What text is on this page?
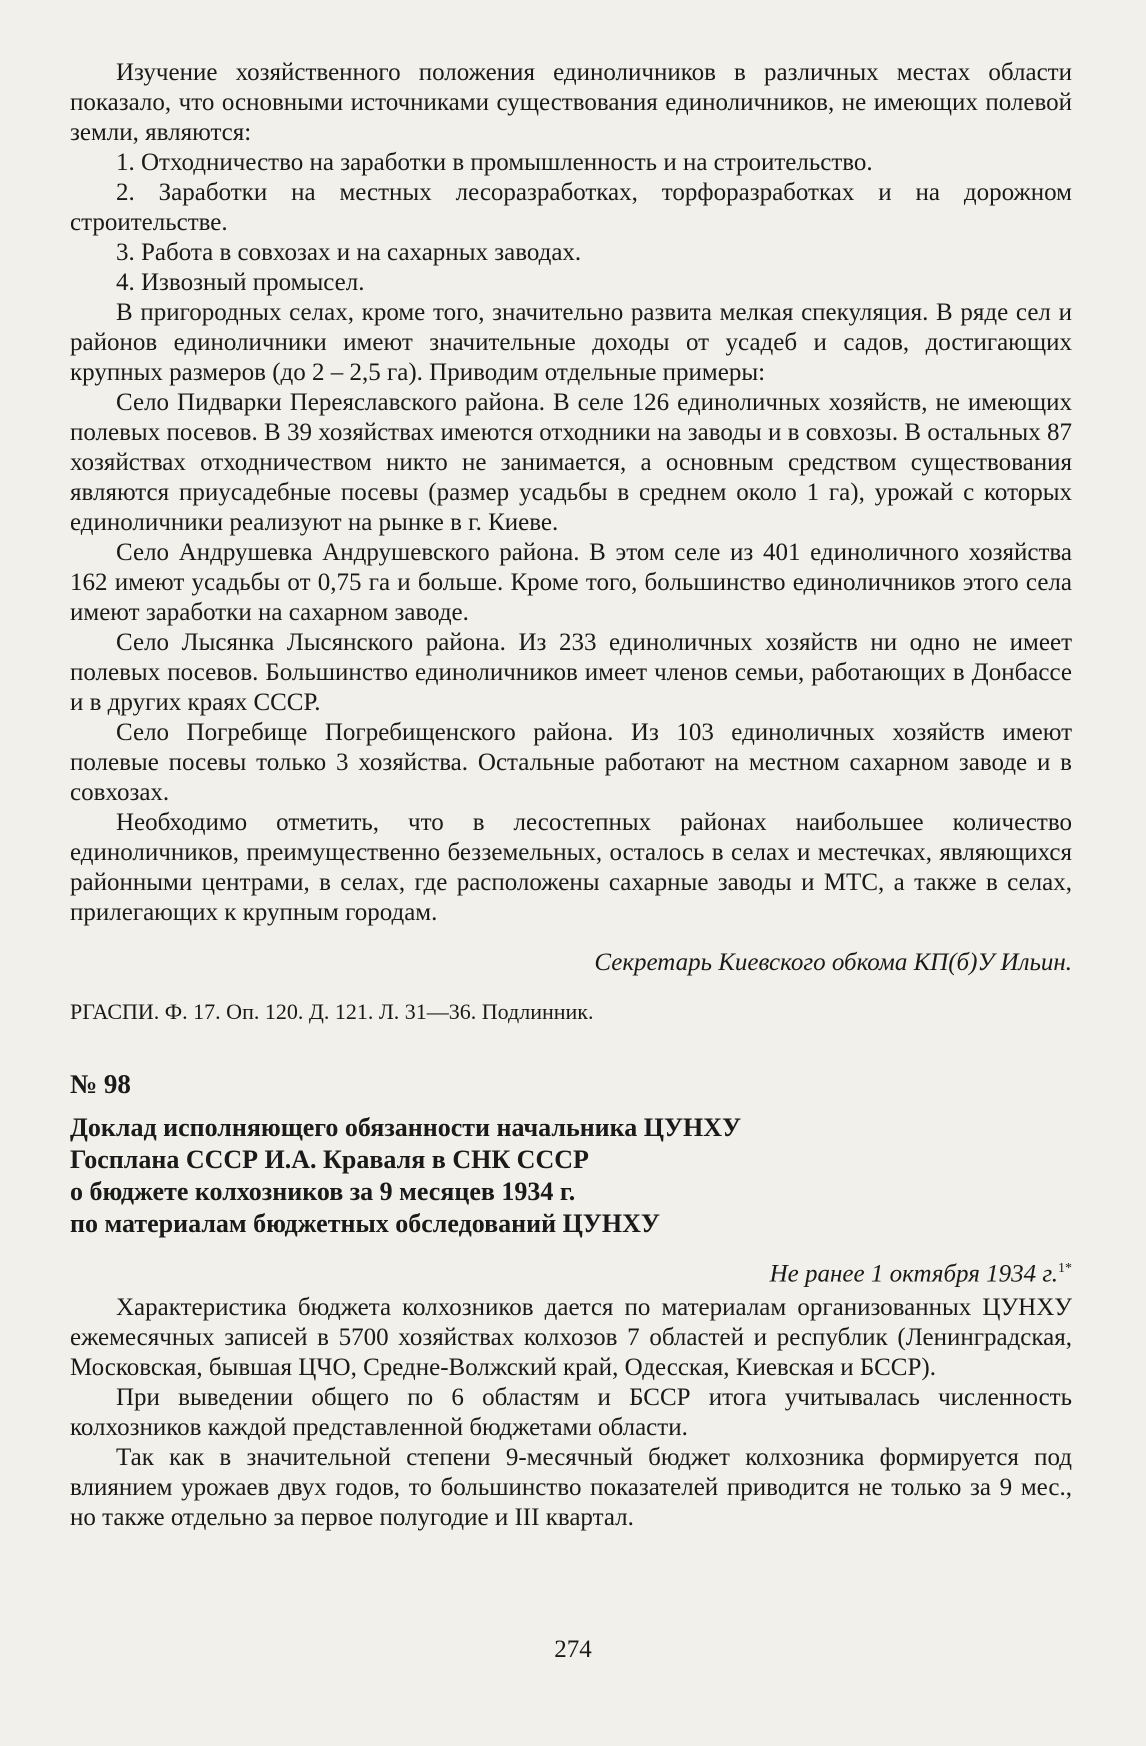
Изучение хозяйственного положения единоличников в различных местах области показало, что основными источниками существования единоличников, не имеющих полевой земли, являются:

1. Отходничество на заработки в промышленность и на строительство.

2. Заработки на местных лесоразработках, торфоразработках и на дорожном строительстве.

3. Работа в совхозах и на сахарных заводах.

4. Извозный промысел.

В пригородных селах, кроме того, значительно развита мелкая спекуляция. В ряде сел и районов единоличники имеют значительные доходы от усадеб и садов, достигающих крупных размеров (до 2 – 2,5 га). Приводим отдельные примеры:

Село Пидварки Переяславского района. В селе 126 единоличных хозяйств, не имеющих полевых посевов. В 39 хозяйствах имеются отходники на заводы и в совхозы. В остальных 87 хозяйствах отходничеством никто не занимается, а основным средством существования являются приусадебные посевы (размер усадьбы в среднем около 1 га), урожай с которых единоличники реализуют на рынке в г. Киеве.

Село Андрушевка Андрушевского района. В этом селе из 401 единоличного хозяйства 162 имеют усадьбы от 0,75 га и больше. Кроме того, большинство единоличников этого села имеют заработки на сахарном заводе.

Село Лысянка Лысянского района. Из 233 единоличных хозяйств ни одно не имеет полевых посевов. Большинство единоличников имеет членов семьи, работающих в Донбассе и в других краях СССР.

Село Погребище Погребищенского района. Из 103 единоличных хозяйств имеют полевые посевы только 3 хозяйства. Остальные работают на местном сахарном заводе и в совхозах.

Необходимо отметить, что в лесостепных районах наибольшее количество единоличников, преимущественно безземельных, осталось в селах и местечках, являющихся районными центрами, в селах, где расположены сахарные заводы и МТС, а также в селах, прилегающих к крупным городам.

Секретарь Киевского обкома КП(б)У Ильин.
РГАСПИ. Ф. 17. Оп. 120. Д. 121. Л. 31—36. Подлинник.
№ 98
Доклад исполняющего обязанности начальника ЦУНХУ
Госплана СССР И.А. Краваля в СНК СССР
о бюджете колхозников за 9 месяцев 1934 г.
по материалам бюджетных обследований ЦУНХУ
Не ранее 1 октября 1934 г.$^{1*}$

Характеристика бюджета колхозников дается по материалам организованных ЦУНХУ ежемесячных записей в 5700 хозяйствах колхозов 7 областей и республик (Ленинградская, Московская, бывшая ЦЧО, Средне-Волжский край, Одесская, Киевская и БССР).

При выведении общего по 6 областям и БССР итога учитывалась численность колхозников каждой представленной бюджетами области.

Так как в значительной степени 9-месячный бюджет колхозника формируется под влиянием урожаев двух годов, то большинство показателей приводится не только за 9 мес., но также отдельно за первое полугодие и III квартал.

274
